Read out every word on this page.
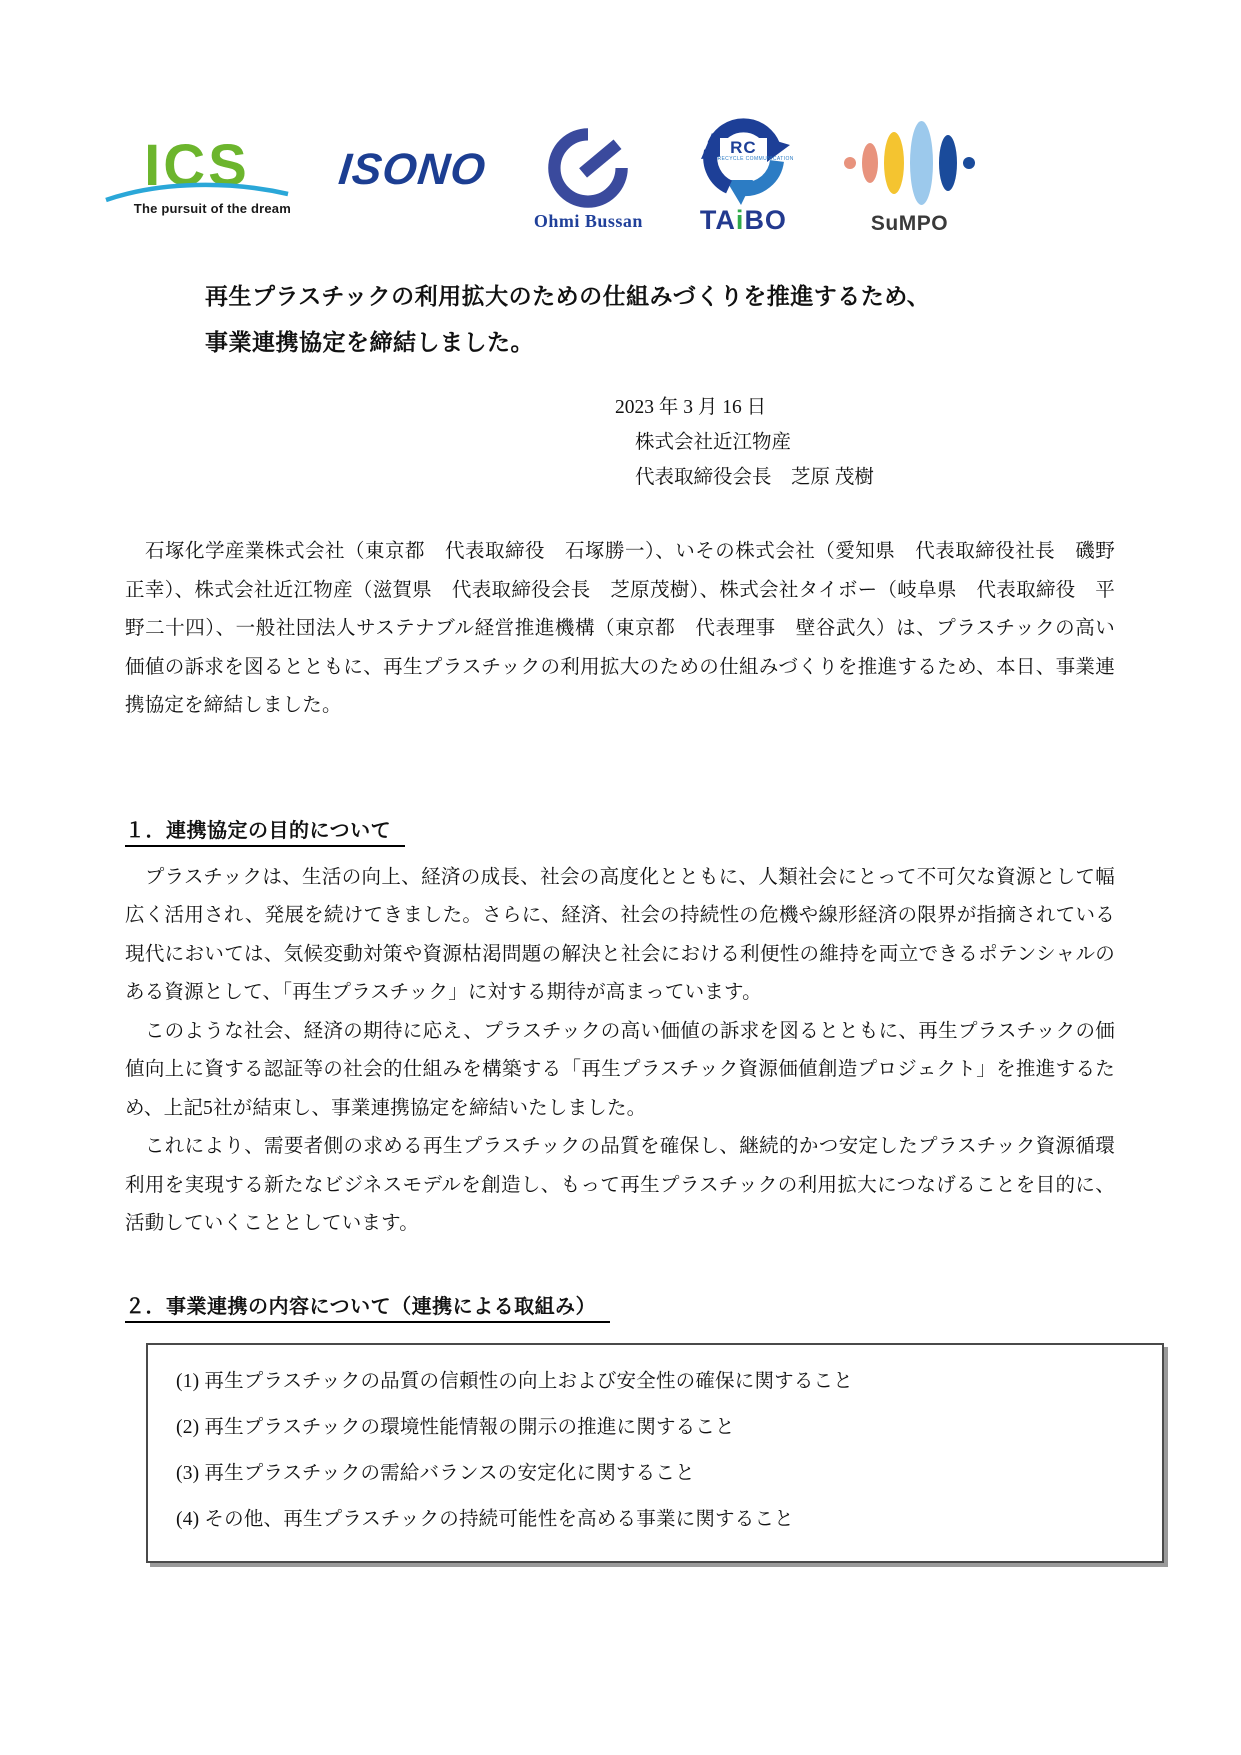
ICS
The pursuit of the dream
ISONO
Ohmi Bussan
RC
RECYCLE COMMUNICATION
TAiBO	SuMPO
再生プラスチックの利用拡大のための仕組みづくりを推進するため、
事業連携協定を締結しました。
2023 年 3 月 16 日
株式会社近江物産
代表取締役会長　芝原 茂樹
　石塚化学産業株式会社（東京都　代表取締役　石塚勝一）、いその株式会社（愛知県　代表取締役社長　磯野正幸）、株式会社近江物産（滋賀県　代表取締役会長　芝原茂樹）、株式会社タイボー（岐阜県　代表取締役　平野二十四）、一般社団法人サステナブル経営推進機構（東京都　代表理事　壁谷武久）は、プラスチックの高い価値の訴求を図るとともに、再生プラスチックの利用拡大のための仕組みづくりを推進するため、本日、事業連携協定を締結しました。
１．連携協定の目的について
　プラスチックは、生活の向上、経済の成長、社会の高度化とともに、人類社会にとって不可欠な資源として幅広く活用され、発展を続けてきました。さらに、経済、社会の持続性の危機や線形経済の限界が指摘されている現代においては、気候変動対策や資源枯渇問題の解決と社会における利便性の維持を両立できるポテンシャルのある資源として、「再生プラスチック」に対する期待が高まっています。
　このような社会、経済の期待に応え、プラスチックの高い価値の訴求を図るとともに、再生プラスチックの価値向上に資する認証等の社会的仕組みを構築する「再生プラスチック資源価値創造プロジェクト」を推進するため、上記5社が結束し、事業連携協定を締結いたしました。
　これにより、需要者側の求める再生プラスチックの品質を確保し、継続的かつ安定したプラスチック資源循環利用を実現する新たなビジネスモデルを創造し、もって再生プラスチックの利用拡大につなげることを目的に、活動していくこととしています。
２．事業連携の内容について（連携による取組み）
(1) 再生プラスチックの品質の信頼性の向上および安全性の確保に関すること
(2) 再生プラスチックの環境性能情報の開示の推進に関すること
(3) 再生プラスチックの需給バランスの安定化に関すること
(4) その他、再生プラスチックの持続可能性を高める事業に関すること
